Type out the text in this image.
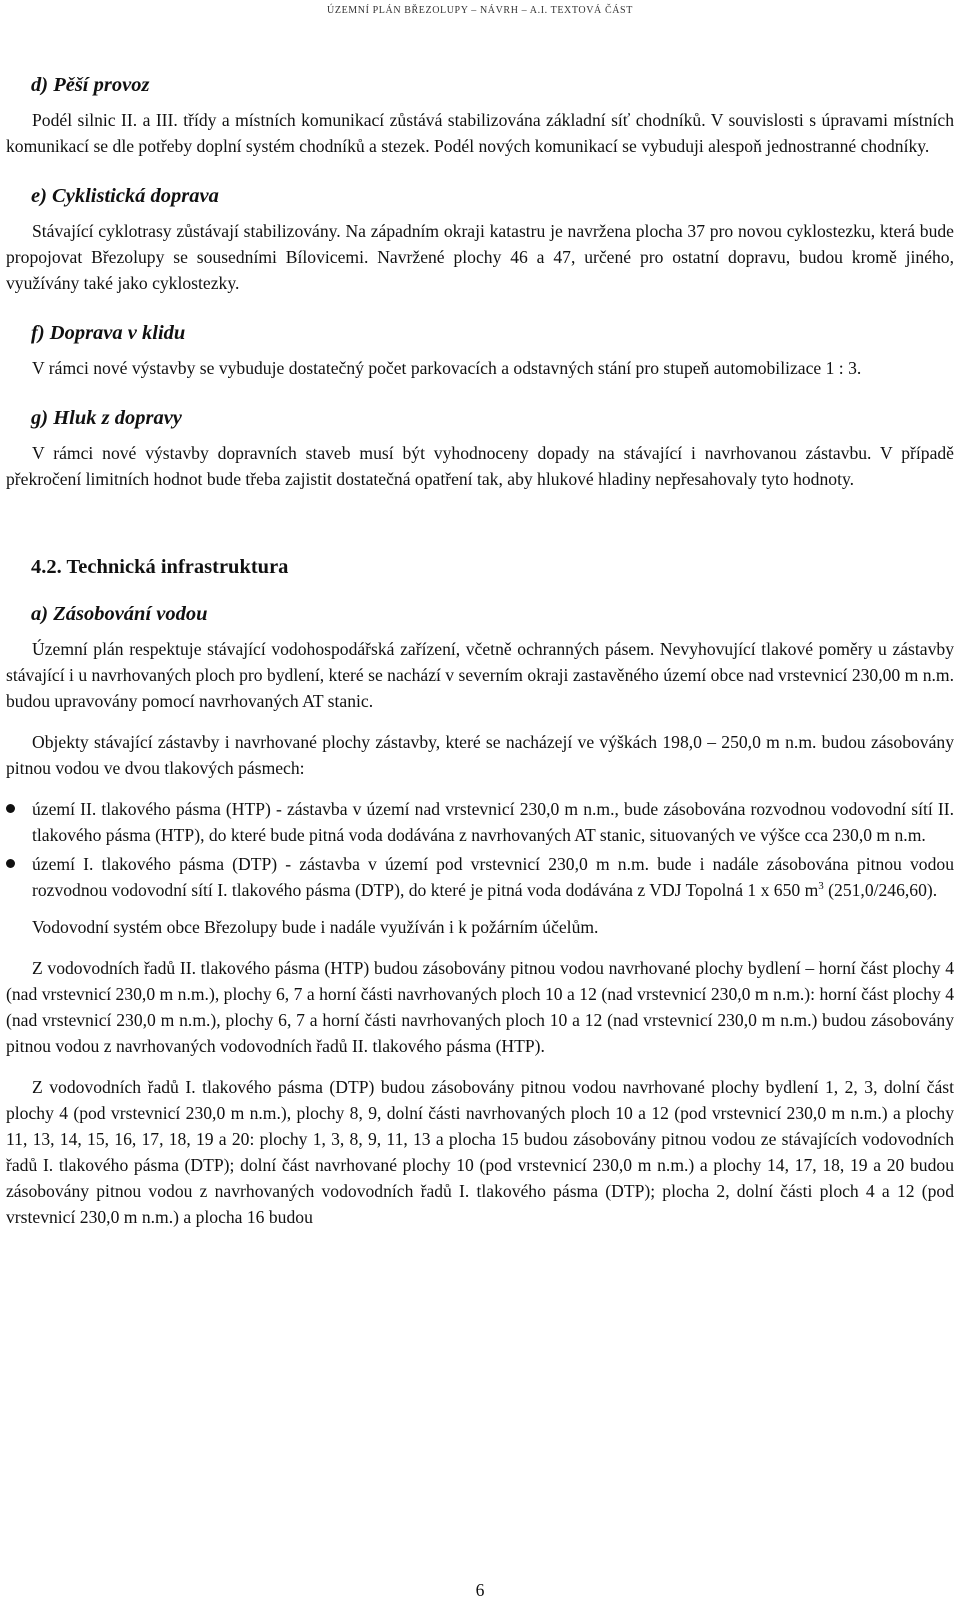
ÚZEMNÍ PLÁN BŘEZOLUPY – NÁVRH – A.I. TEXTOVÁ ČÁST
d) Pěší provoz

Podél silnic II. a III. třídy a místních komunikací zůstává stabilizována základní síť chodníků. V souvislosti s úpravami místních komunikací se dle potřeby doplní systém chodníků a stezek. Podél nových komunikací se vybuduji alespoň jednostranné chodníky.

e) Cyklistická doprava

Stávající cyklotrasy zůstávají stabilizovány. Na západním okraji katastru je navržena plocha 37 pro novou cyklostezku, která bude propojovat Březolupy se sousedními Bílovicemi. Navržené plochy 46 a 47, určené pro ostatní dopravu, budou kromě jiného, využívány také jako cyklostezky.

f) Doprava v klidu

V rámci nové výstavby se vybuduje dostatečný počet parkovacích a odstavných stání pro stupeň automobilizace 1 : 3.

g) Hluk z dopravy

V rámci nové výstavby dopravních staveb musí být vyhodnoceny dopady na stávající i navrhovanou zástavbu. V případě překročení limitních hodnot bude třeba zajistit dostatečná opatření tak, aby hlukové hladiny nepřesahovaly tyto hodnoty.

4.2. Technická infrastruktura
a) Zásobování vodou

Územní plán respektuje stávající vodohospodářská zařízení, včetně ochranných pásem. Nevyhovující tlakové poměry u zástavby stávající i u navrhovaných ploch pro bydlení, které se nachází v severním okraji zastavěného území obce nad vrstevnicí 230,00 m n.m. budou upravovány pomocí navrhovaných AT stanic.

Objekty stávající zástavby i navrhované plochy zástavby, které se nacházejí ve výškách 198,0 – 250,0 m n.m. budou zásobovány pitnou vodou ve dvou tlakových pásmech:

území II. tlakového pásma (HTP) - zástavba v území nad vrstevnicí 230,0 m n.m., bude zásobována rozvodnou vodovodní sítí II. tlakového pásma (HTP), do které bude pitná voda dodávána z navrhovaných AT stanic, situovaných ve výšce cca 230,0 m n.m.
území I. tlakového pásma (DTP) - zástavba v území pod vrstevnicí 230,0 m n.m. bude i nadále zásobována pitnou vodou rozvodnou vodovodní sítí I. tlakového pásma (DTP), do které je pitná voda dodávána z VDJ Topolná 1 x 650 $m^3$ (251,0/246,60).

Vodovodní systém obce Březolupy bude i nadále využíván i k požárním účelům.

Z vodovodních řadů II. tlakového pásma (HTP) budou zásobovány pitnou vodou navrhované plochy bydlení – horní část plochy 4 (nad vrstevnicí 230,0 m n.m.), plochy 6, 7 a horní části navrhovaných ploch 10 a 12 (nad vrstevnicí 230,0 m n.m.): horní část plochy 4 (nad vrstevnicí 230,0 m n.m.), plochy 6, 7 a horní části navrhovaných ploch 10 a 12 (nad vrstevnicí 230,0 m n.m.) budou zásobovány pitnou vodou z navrhovaných vodovodních řadů II. tlakového pásma (HTP).

Z vodovodních řadů I. tlakového pásma (DTP) budou zásobovány pitnou vodou navrhované plochy bydlení 1, 2, 3, dolní část plochy 4 (pod vrstevnicí 230,0 m n.m.), plochy 8, 9, dolní části navrhovaných ploch 10 a 12 (pod vrstevnicí 230,0 m n.m.) a plochy 11, 13, 14, 15, 16, 17, 18, 19 a 20: plochy 1, 3, 8, 9, 11, 13 a plocha 15 budou zásobovány pitnou vodou ze stávajících vodovodních řadů I. tlakového pásma (DTP); dolní část navrhované plochy 10 (pod vrstevnicí 230,0 m n.m.) a plochy 14, 17, 18, 19 a 20 budou zásobovány pitnou vodou z navrhovaných vodovodních řadů I. tlakového pásma (DTP); plocha 2, dolní části ploch 4 a 12 (pod vrstevnicí 230,0 m n.m.) a plocha 16 budou

6
